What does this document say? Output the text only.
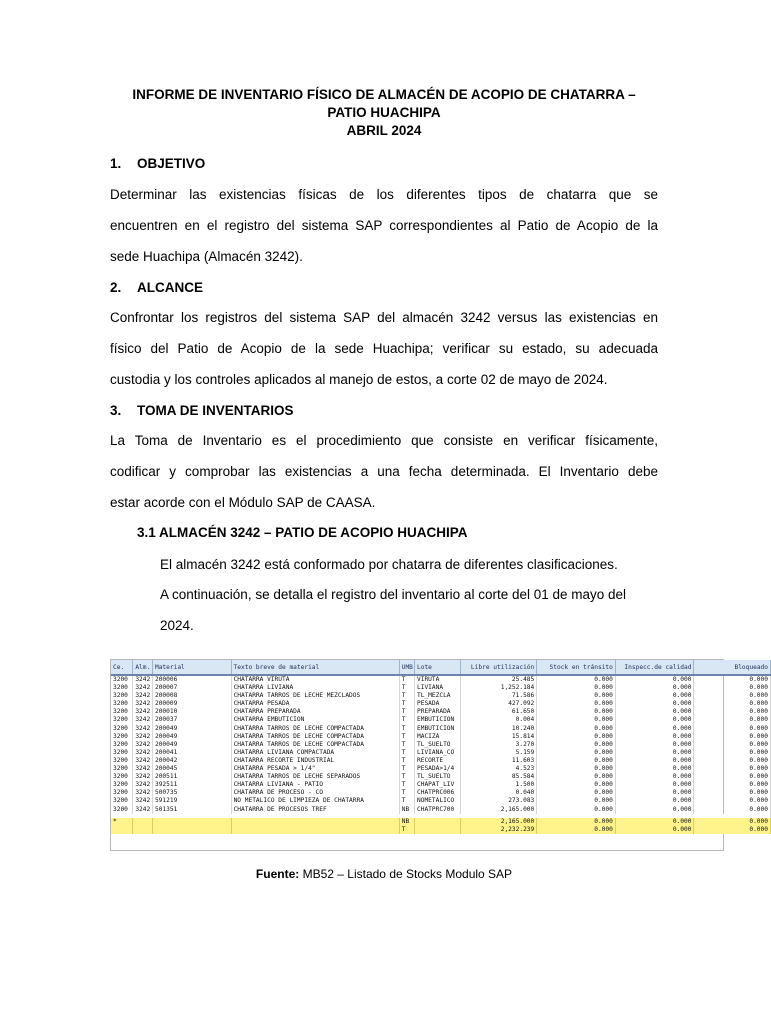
INFORME DE INVENTARIO FÍSICO DE ALMACÉN DE ACOPIO DE CHATARRA –
PATIO HUACHIPA
ABRIL 2024
1. OBJETIVO
Determinar las existencias físicas de los diferentes tipos de chatarra que se
encuentren en el registro del sistema SAP correspondientes al Patio de Acopio de la
sede Huachipa (Almacén 3242).
2. ALCANCE
Confrontar los registros del sistema SAP del almacén 3242 versus las existencias en
físico del Patio de Acopio de la sede Huachipa; verificar su estado, su adecuada
custodia y los controles aplicados al manejo de estos, a corte 02 de mayo de 2024.
3. TOMA DE INVENTARIOS
La Toma de Inventario es el procedimiento que consiste en verificar físicamente,
codificar y comprobar las existencias a una fecha determinada. El Inventario debe
estar acorde con el Módulo SAP de CAASA.
3.1 ALMACÉN 3242 – PATIO DE ACOPIO HUACHIPA
El almacén 3242 está conformado por chatarra de diferentes clasificaciones.
A continuación, se detalla el registro del inventario al corte del 01 de mayo del
2024.
Ce.	Alm.	Material	Texto breve de material	UMB	Lote	Libre utilización	Stock en tránsito	Inspecc.de calidad	Bloqueado
3200	3242	200006	CHATARRA VIRUTA	T	VIRUTA	25.485	0.000	0.000	0.000
3200	3242	200007	CHATARRA LIVIANA	T	LIVIANA	1,252.184	0.000	0.000	0.000
3200	3242	200008	CHATARRA TARROS DE LECHE MEZCLADOS	T	TL_MEZCLA	71.586	0.000	0.000	0.000
3200	3242	200009	CHATARRA PESADA	T	PESADA	427.092	0.000	0.000	0.000
3200	3242	200010	CHATARRA PREPARADA	T	PREPARADA	61.650	0.000	0.000	0.000
3200	3242	200037	CHATARRA EMBUTICION	T	EMBUTICION	0.004	0.000	0.000	0.000
3200	3242	200049	CHATARRA TARROS DE LECHE COMPACTADA	T	EMBUTICION	10.240	0.000	0.000	0.000
3200	3242	200049	CHATARRA TARROS DE LECHE COMPACTADA	T	MACIZA	15.814	0.000	0.000	0.000
3200	3242	200049	CHATARRA TARROS DE LECHE COMPACTADA	T	TL_SUELTO	3.270	0.000	0.000	0.000
3200	3242	200041	CHATARRA LIVIANA COMPACTADA	T	LIVIANA_CO	5.159	0.000	0.000	0.000
3200	3242	200042	CHATARRA RECORTE INDUSTRIAL	T	RECORTE	11.603	0.000	0.000	0.000
3200	3242	200045	CHATARRA PESADA > 1/4"	T	PESADA>1/4	4.523	0.000	0.000	0.000
3200	3242	200511	CHATARRA TARROS DE LECHE SEPARADOS	T	TL_SUELTO	85.584	0.000	0.000	0.000
3200	3242	392511	CHATARRA LIVIANA - PATIO	T	CHAPAT_LIV	1.500	0.000	0.000	0.000
3200	3242	500735	CHATARRA DE PROCESO - CO	T	CHATPRC006	0.040	0.000	0.000	0.000
3200	3242	591219	NO METALICO DE LIMPIEZA DE CHATARRA	T	NOMETALICO	273.083	0.000	0.000	0.000
3200	3242	501351	CHATARRA DE PROCESOS TREF	NB	CHATPRC700	2,165.000	0.000	0.000	0.000

*				NB		2,165.000	0.000	0.000	0.000
				T		2,232.239	0.000	0.000	0.000
Fuente: MB52 – Listado de Stocks Modulo SAP
